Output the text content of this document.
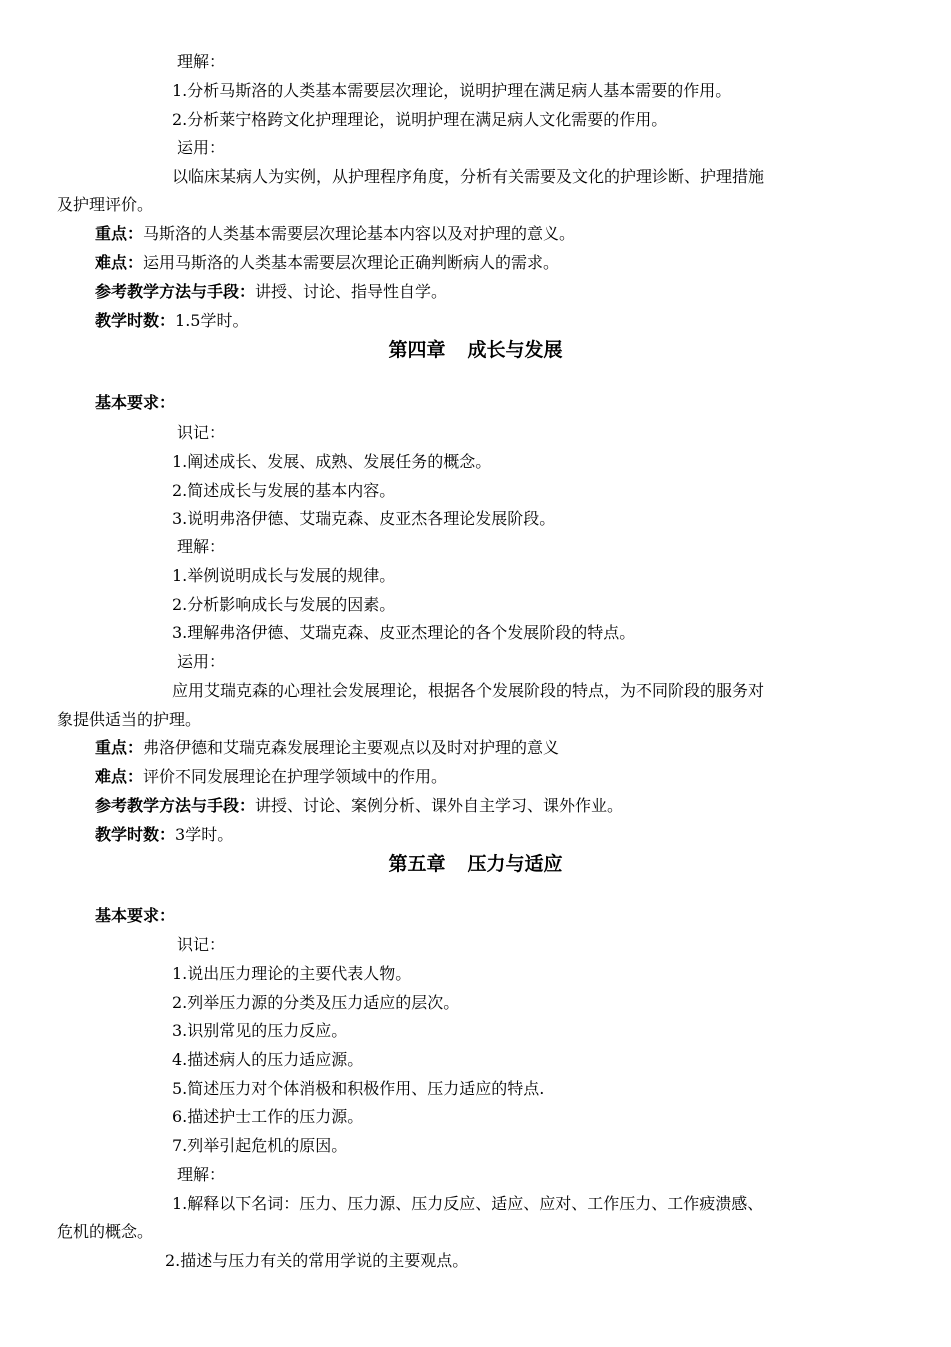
理解：
1.分析马斯洛的人类基本需要层次理论，说明护理在满足病人基本需要的作用。
2.分析莱宁格跨文化护理理论，说明护理在满足病人文化需要的作用。
运用：
以临床某病人为实例，从护理程序角度，分析有关需要及文化的护理诊断、护理措施
及护理评价。
重点：马斯洛的人类基本需要层次理论基本内容以及对护理的意义。
难点：运用马斯洛的人类基本需要层次理论正确判断病人的需求。
参考教学方法与手段：讲授、讨论、指导性自学。
教学时数：1.5学时。
第四章 成长与发展
基本要求：
识记：
1.阐述成长、发展、成熟、发展任务的概念。
2.简述成长与发展的基本内容。
3.说明弗洛伊德、艾瑞克森、皮亚杰各理论发展阶段。
理解：
1.举例说明成长与发展的规律。
2.分析影响成长与发展的因素。
3.理解弗洛伊德、艾瑞克森、皮亚杰理论的各个发展阶段的特点。
运用：
应用艾瑞克森的心理社会发展理论，根据各个发展阶段的特点，为不同阶段的服务对
象提供适当的护理。
重点：弗洛伊德和艾瑞克森发展理论主要观点以及时对护理的意义
难点：评价不同发展理论在护理学领域中的作用。
参考教学方法与手段：讲授、讨论、案例分析、课外自主学习、课外作业。
教学时数：3学时。
第五章 压力与适应
基本要求：
识记：
1.说出压力理论的主要代表人物。
2.列举压力源的分类及压力适应的层次。
3.识别常见的压力反应。
4.描述病人的压力适应源。
5.简述压力对个体消极和积极作用、压力适应的特点.
6.描述护士工作的压力源。
7.列举引起危机的原因。
理解：
1.解释以下名词：压力、压力源、压力反应、适应、应对、工作压力、工作疲溃感、
危机的概念。
2.描述与压力有关的常用学说的主要观点。
